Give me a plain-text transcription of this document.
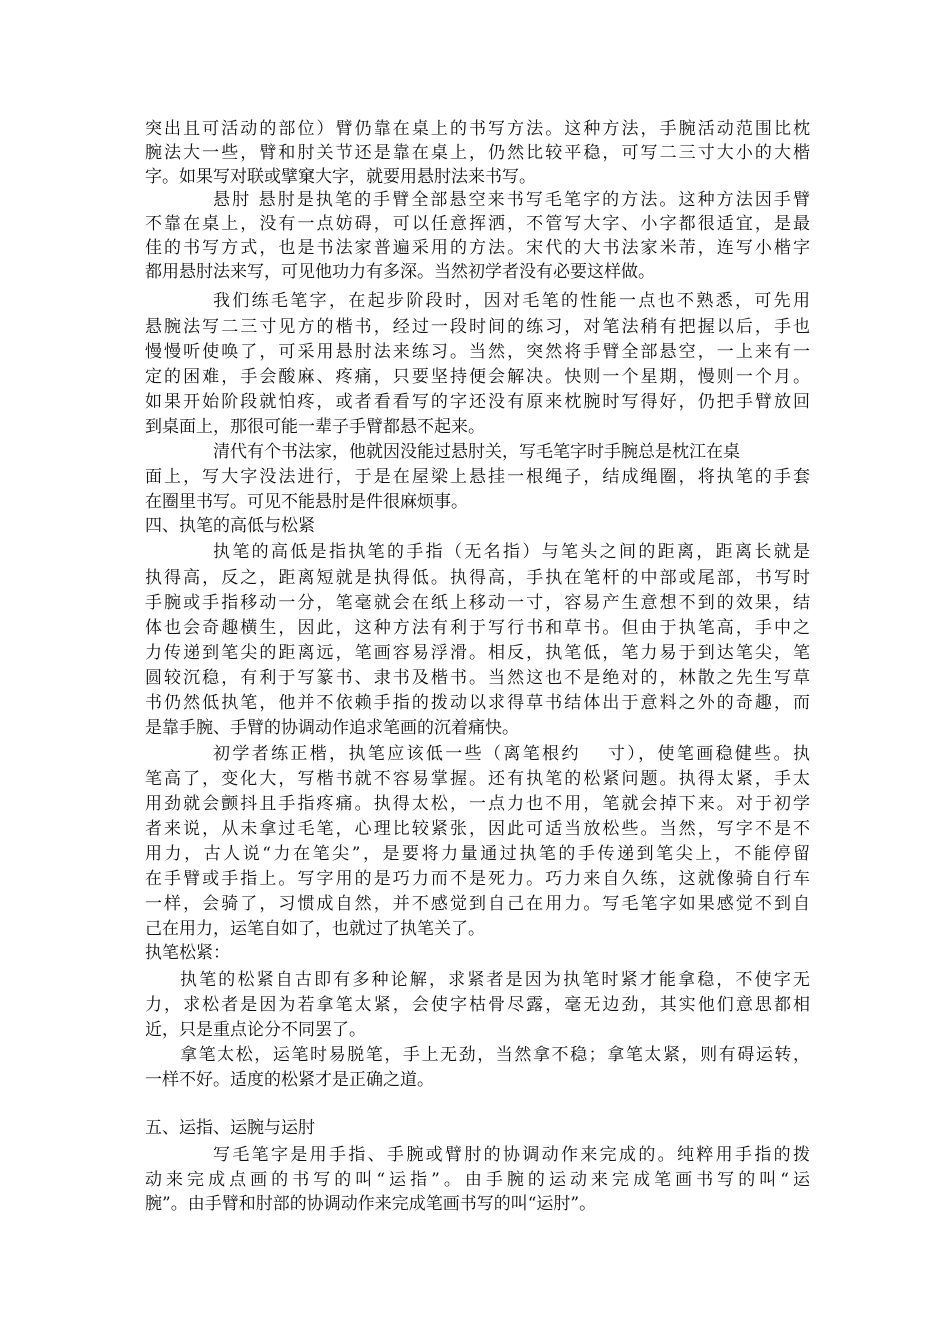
突出且可活动的部位）臂仍靠在桌上的书写方法。这种方法，手腕活动范围比枕
腕法大一些，臂和肘关节还是靠在桌上，仍然比较平稳，可写二三寸大小的大楷
字。如果写对联或擘窠大字，就要用悬肘法来书写。
悬肘 悬肘是执笔的手臂全部悬空来书写毛笔字的方法。这种方法因手臂
不靠在桌上，没有一点妨碍，可以任意挥洒，不管写大字、小字都很适宜，是最
佳的书写方式，也是书法家普遍采用的方法。宋代的大书法家米芾，连写小楷字
都用悬肘法来写，可见他功力有多深。当然初学者没有必要这样做。
我们练毛笔字，在起步阶段时，因对毛笔的性能一点也不熟悉，可先用
悬腕法写二三寸见方的楷书，经过一段时间的练习，对笔法稍有把握以后，手也
慢慢听使唤了，可采用悬肘法来练习。当然，突然将手臂全部悬空，一上来有一
定的困难，手会酸麻、疼痛，只要坚持便会解决。快则一个星期，慢则一个月。
如果开始阶段就怕疼，或者看看写的字还没有原来枕腕时写得好，仍把手臂放回
到桌面上，那很可能一辈子手臂都悬不起来。
清代有个书法家，他就因没能过悬肘关，写毛笔字时手腕总是枕江在桌
面上，写大字没法进行，于是在屋梁上悬挂一根绳子，结成绳圈，将执笔的手套
在圈里书写。可见不能悬肘是件很麻烦事。
四、执笔的高低与松紧
执笔的高低是指执笔的手指（无名指）与笔头之间的距离，距离长就是
执得高，反之，距离短就是执得低。执得高，手执在笔杆的中部或尾部，书写时
手腕或手指移动一分，笔毫就会在纸上移动一寸，容易产生意想不到的效果，结
体也会奇趣横生，因此，这种方法有利于写行书和草书。但由于执笔高，手中之
力传递到笔尖的距离远，笔画容易浮滑。相反，执笔低，笔力易于到达笔尖，笔
圆较沉稳，有利于写篆书、隶书及楷书。当然这也不是绝对的，林散之先生写草
书仍然低执笔，他并不依赖手指的拨动以求得草书结体出于意料之外的奇趣，而
是靠手腕、手臂的协调动作追求笔画的沉着痛快。
初学者练正楷，执笔应该低一些（离笔根约　 寸），使笔画稳健些。执
笔高了，变化大，写楷书就不容易掌握。还有执笔的松紧问题。执得太紧，手太
用劲就会颤抖且手指疼痛。执得太松，一点力也不用，笔就会掉下来。对于初学
者来说，从未拿过毛笔，心理比较紧张，因此可适当放松些。当然，写字不是不
用力，古人说“力在笔尖”，是要将力量通过执笔的手传递到笔尖上，不能停留
在手臂或手指上。写字用的是巧力而不是死力。巧力来自久练，这就像骑自行车
一样，会骑了，习惯成自然，并不感觉到自己在用力。写毛笔字如果感觉不到自
己在用力，运笔自如了，也就过了执笔关了。
执笔松紧：
执笔的松紧自古即有多种论解，求紧者是因为执笔时紧才能拿稳，不使字无
力，求松者是因为若拿笔太紧，会使字枯骨尽露，毫无边劲，其实他们意思都相
近，只是重点论分不同罢了。
拿笔太松，运笔时易脱笔，手上无劲，当然拿不稳；拿笔太紧，则有碍运转，
一样不好。适度的松紧才是正确之道。
五、运指、运腕与运肘
写毛笔字是用手指、手腕或臂肘的协调动作来完成的。纯粹用手指的拨
动来完成点画的书写的叫“运指”。由手腕的运动来完成笔画书写的叫“运
腕”。由手臂和肘部的协调动作来完成笔画书写的叫“运肘”。
